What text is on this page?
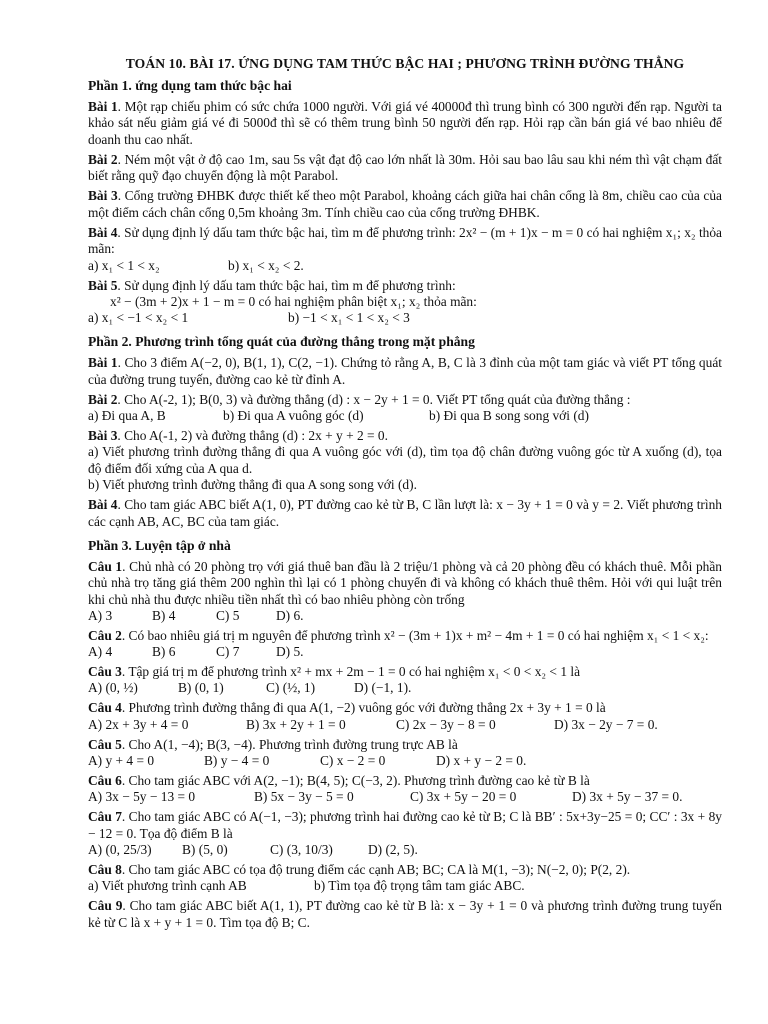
TOÁN 10. BÀI 17. ỨNG DỤNG TAM THỨC BẬC HAI ; PHƯƠNG TRÌNH ĐƯỜNG THẲNG
Phần 1. ứng dụng tam thức bậc hai
Bài 1. Một rạp chiếu phim có sức chứa 1000 người. Với giá vé 40000đ thì trung bình có 300 người đến rạp. Người ta khảo sát nếu giảm giá vé đi 5000đ thì sẽ có thêm trung bình 50 người đến rạp. Hỏi rạp cần bán giá vé bao nhiêu để doanh thu cao nhất.
Bài 2. Ném một vật ở độ cao 1m, sau 5s vật đạt độ cao lớn nhất là 30m. Hỏi sau bao lâu sau khi ném thì vật chạm đất biết rằng quỹ đạo chuyển động là một Parabol.
Bài 3. Cổng trường ĐHBK được thiết kế theo một Parabol, khoảng cách giữa hai chân cổng là 8m, chiều cao của của một điểm cách chân cổng 0,5m khoảng 3m. Tính chiều cao của cổng trường ĐHBK.
Bài 4. Sử dụng định lý dấu tam thức bậc hai, tìm m để phương trình: 2x² − (m + 1)x − m = 0 có hai nghiệm x₁; x₂ thỏa mãn:
a) x₁ < 1 < x₂	b) x₁ < x₂ < 2.
Bài 5. Sử dụng định lý dấu tam thức bậc hai, tìm m để phương trình:
x² − (3m + 2)x + 1 − m = 0 có hai nghiệm phân biệt x₁; x₂ thỏa mãn:
a) x₁ < −1 < x₂ < 1	b) −1 < x₁ < 1 < x₂ < 3
Phần 2. Phương trình tổng quát của đường thẳng trong mặt phẳng
Bài 1. Cho 3 điểm A(−2, 0), B(1, 1), C(2, −1). Chứng tỏ rằng A, B, C là 3 đỉnh của một tam giác và viết PT tổng quát của đường trung tuyến, đường cao kẻ từ đỉnh A.
Bài 2. Cho A(-2, 1); B(0, 3) và đường thẳng (d) : x − 2y + 1 = 0. Viết PT tổng quát của đường thẳng :
a) Đi qua A, B	b) Đi qua A vuông góc (d)	b) Đi qua B song song với (d)
Bài 3. Cho A(-1, 2) và đường thẳng (d) : 2x + y + 2 = 0.
a) Viết phương trình đường thẳng đi qua A vuông góc với (d), tìm tọa độ chân đường vuông góc từ A xuống (d), tọa độ điểm đối xứng của A qua d.
b) Viết phương trình đường thẳng đi qua A song song với (d).
Bài 4. Cho tam giác ABC biết A(1, 0), PT đường cao kẻ từ B, C lần lượt là: x − 3y + 1 = 0 và y = 2. Viết phương trình các cạnh AB, AC, BC của tam giác.
Phần 3. Luyện tập ở nhà
Câu 1. Chủ nhà có 20 phòng trọ với giá thuê ban đầu là 2 triệu/1 phòng và cả 20 phòng đều có khách thuê. Mỗi phần chủ nhà trọ tăng giá thêm 200 nghìn thì lại có 1 phòng chuyển đi và không có khách thuê thêm. Hỏi với qui luật trên khi chủ nhà thu được nhiều tiền nhất thì có bao nhiêu phòng còn trống
A) 3	B) 4	C) 5	D) 6.
Câu 2. Có bao nhiêu giá trị m nguyên để phương trình x² − (3m + 1)x + m² − 4m + 1 = 0 có hai nghiệm x₁ < 1 < x₂:
A) 4	B) 6	C) 7	D) 5.
Câu 3. Tập giá trị m để phương trình x² + mx + 2m − 1 = 0 có hai nghiệm x₁ < 0 < x₂ < 1 là
A) (0, ½)	B) (0, 1)	C) (½, 1)	D) (−1, 1).
Câu 4. Phương trình đường thẳng đi qua A(1, −2) vuông góc với đường thẳng 2x + 3y + 1 = 0 là
A) 2x + 3y + 4 = 0	B) 3x + 2y + 1 = 0	C) 2x − 3y − 8 = 0	D) 3x − 2y − 7 = 0.
Câu 5. Cho A(1, −4); B(3, −4). Phương trình đường trung trực AB là
A) y + 4 = 0	B) y − 4 = 0	C) x − 2 = 0	D) x + y − 2 = 0.
Câu 6. Cho tam giác ABC với A(2, −1); B(4, 5); C(−3, 2). Phương trình đường cao kẻ từ B là
A) 3x − 5y − 13 = 0	B) 5x − 3y − 5 = 0	C) 3x + 5y − 20 = 0	D) 3x + 5y − 37 = 0.
Câu 7. Cho tam giác ABC có A(−1, −3); phương trình hai đường cao kẻ từ B; C là BB′ : 5x+3y−25 = 0; CC′ : 3x + 8y − 12 = 0. Tọa độ điểm B là
A) (0, 25/3)	B) (5, 0)	C) (3, 10/3)	D) (2, 5).
Câu 8. Cho tam giác ABC có tọa độ trung điểm các cạnh AB; BC; CA là M(1, −3); N(−2, 0); P(2, 2).
a) Viết phương trình cạnh AB	b) Tìm tọa độ trọng tâm tam giác ABC.
Câu 9. Cho tam giác ABC biết A(1, 1), PT đường cao kẻ từ B là: x − 3y + 1 = 0 và phương trình đường trung tuyến kẻ từ C là x + y + 1 = 0. Tìm tọa độ B; C.
